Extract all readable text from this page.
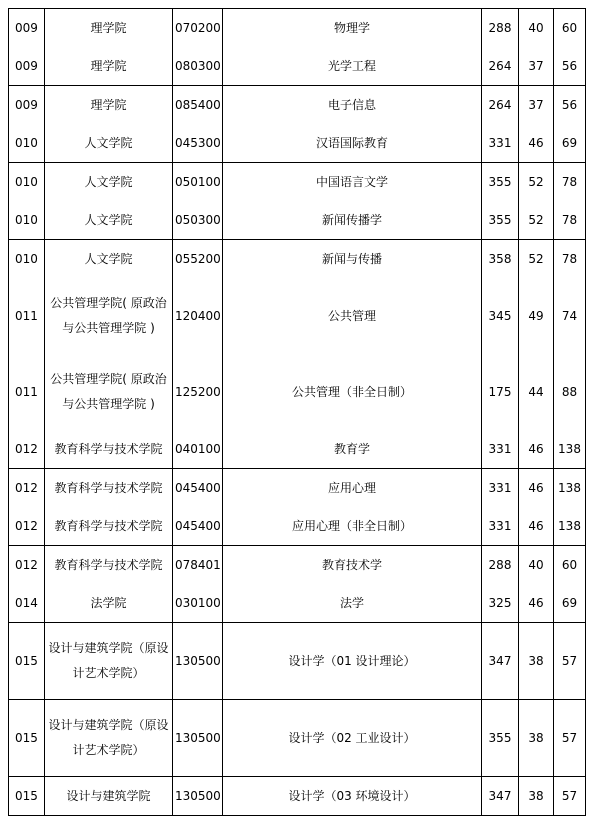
009	理学院	070200	物理学	288	40	60
009	理学院	080300	光学工程	264	37	56
009	理学院	085400	电子信息	264	37	56
010	人文学院	045300	汉语国际教育	331	46	69
010	人文学院	050100	中国语言文学	355	52	78
010	人文学院	050300	新闻传播学	355	52	78
010	人文学院	055200	新闻与传播	358	52	78
011	公共管理学院( 原政治与公共管理学院 )	120400	公共管理	345	49	74
011	公共管理学院( 原政治与公共管理学院 )	125200	公共管理（非全日制）	175	44	88
012	教育科学与技术学院	040100	教育学	331	46	138
012	教育科学与技术学院	045400	应用心理	331	46	138
012	教育科学与技术学院	045400	应用心理（非全日制）	331	46	138
012	教育科学与技术学院	078401	教育技术学	288	40	60
014	法学院	030100	法学	325	46	69
015	设计与建筑学院（原设计艺术学院）	130500	设计学（01 设计理论）	347	38	57
015	设计与建筑学院（原设计艺术学院）	130500	设计学（02 工业设计）	355	38	57
015	设计与建筑学院	130500	设计学（03 环境设计）	347	38	57
